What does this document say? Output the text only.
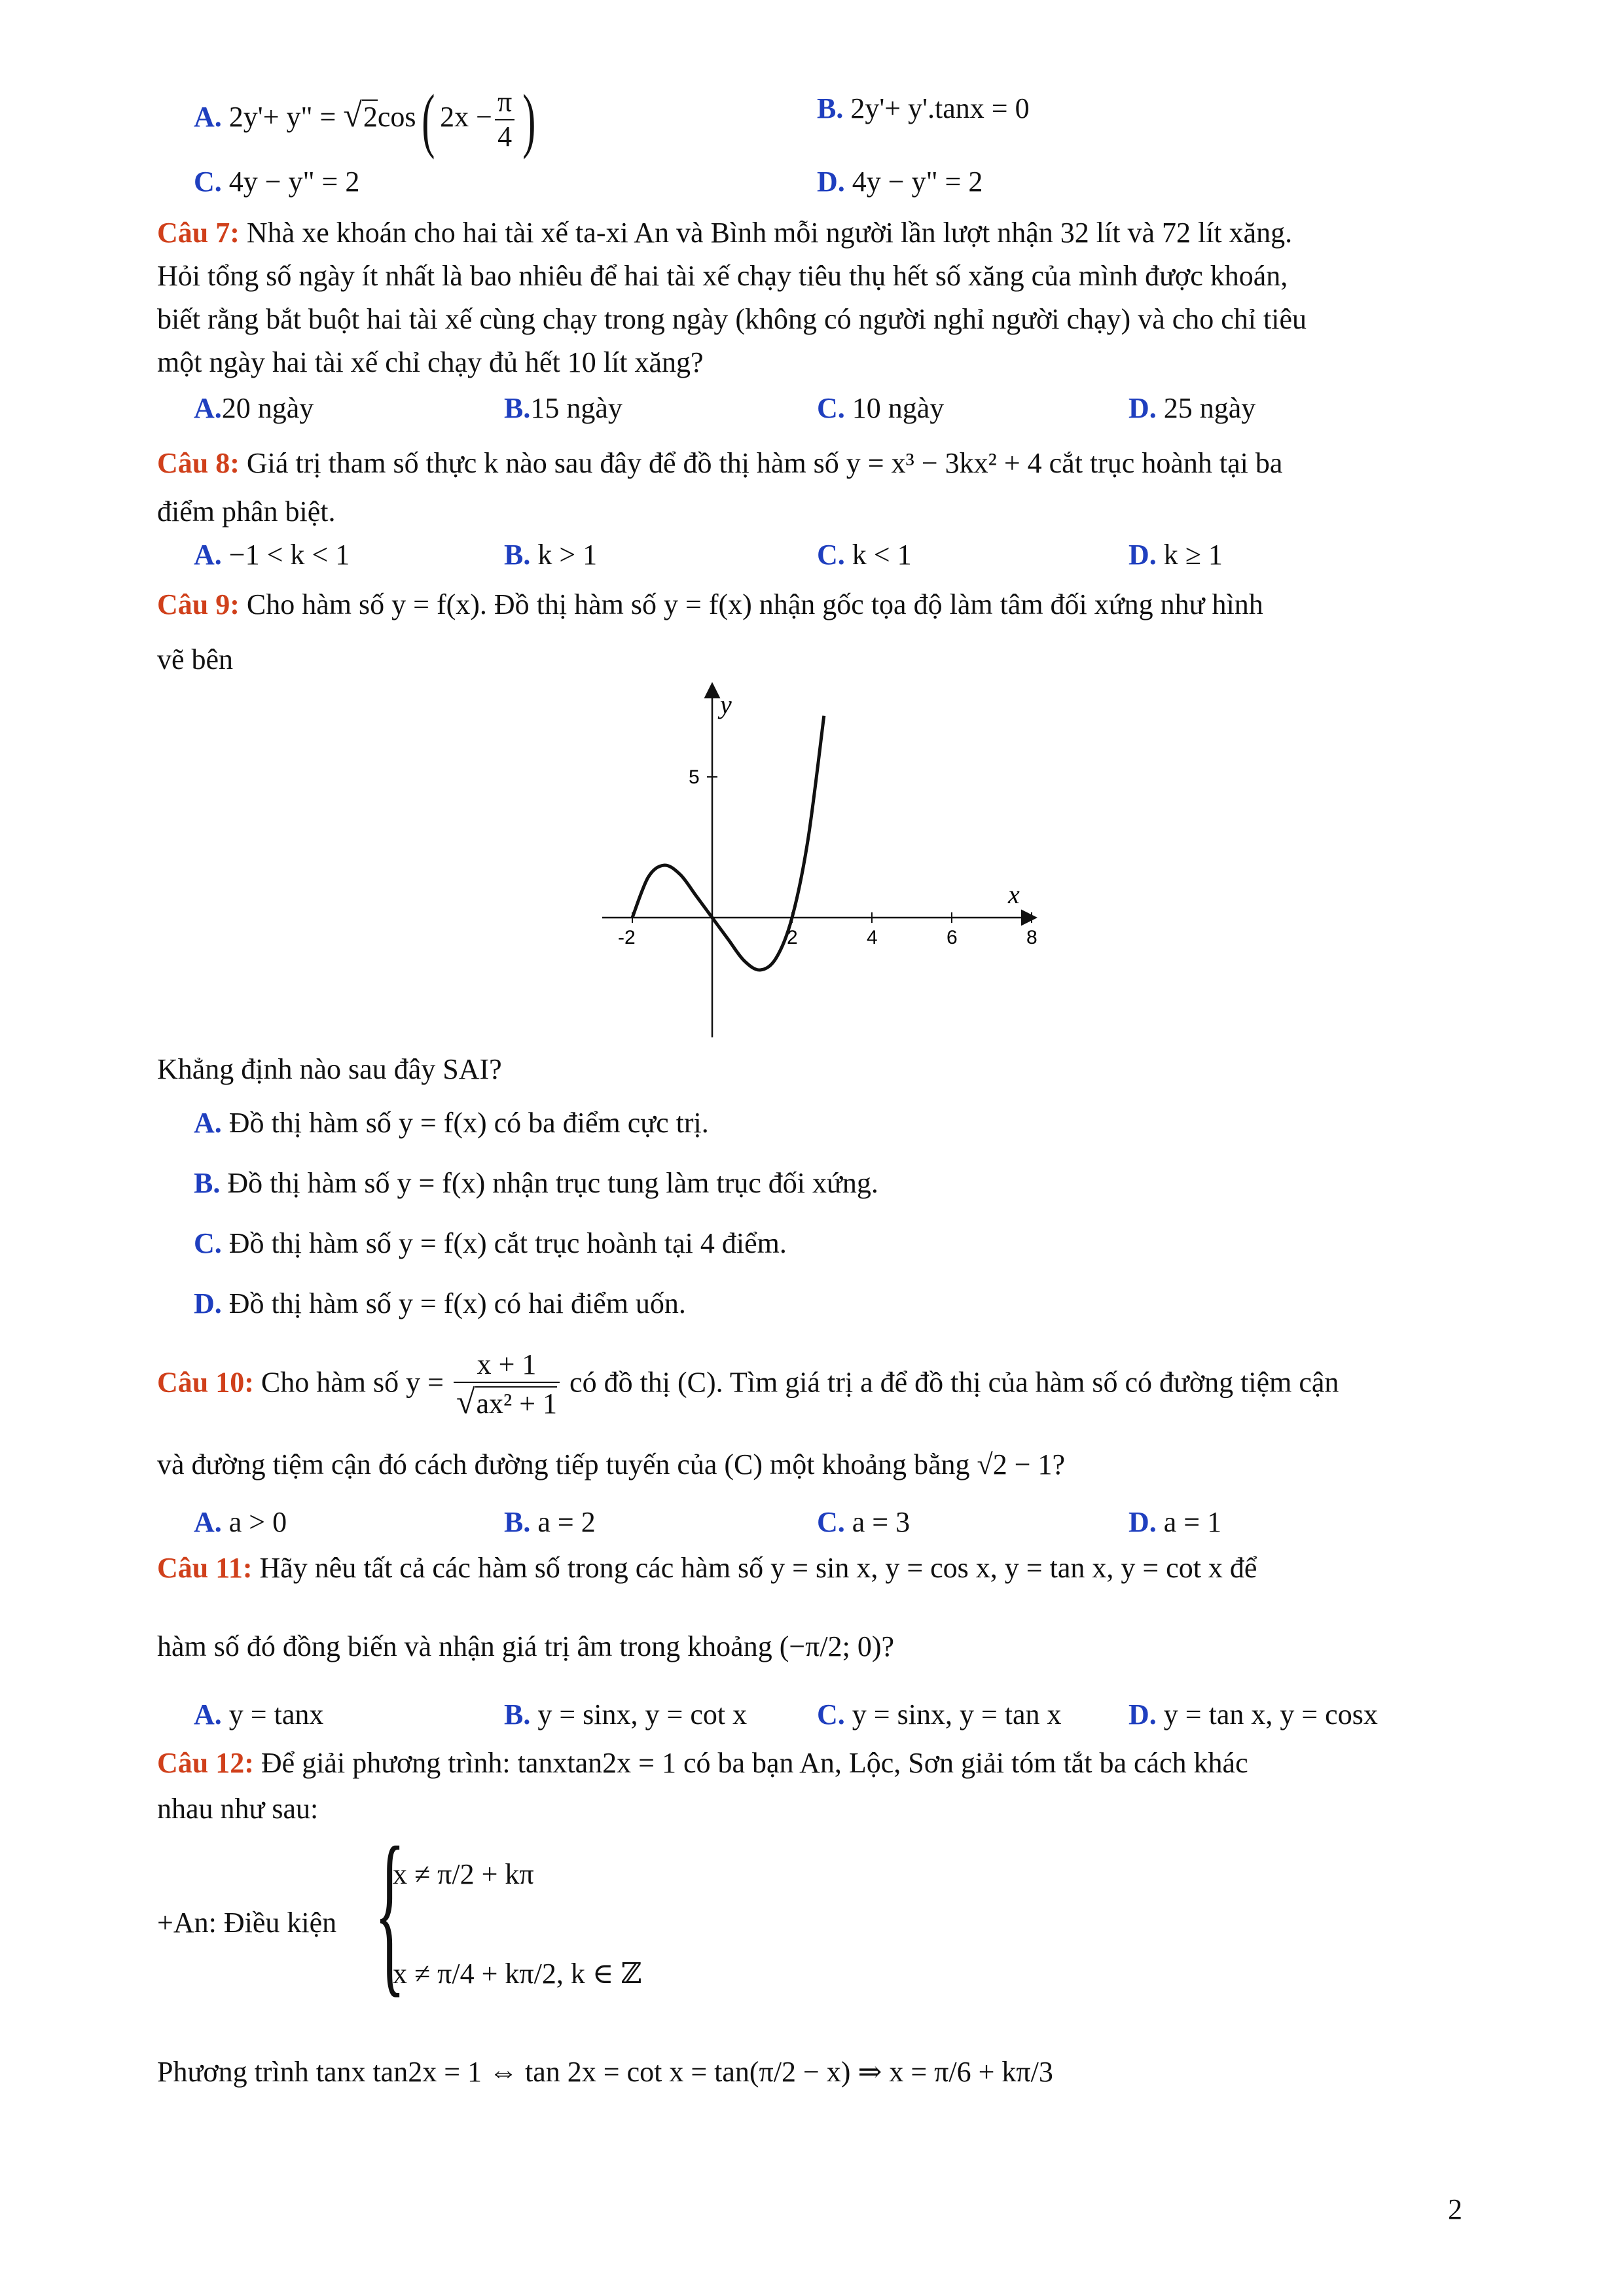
A. 2y'+ y" = √2cos( $2x - \frac{\pi}{4}$ )	B. 2y'+ y'.tanx = 0
C. 4y − y" = 2	D. 4y − y" = 2
Câu 7: Nhà xe khoán cho hai tài xế ta-xi An và Bình mỗi người lần lượt nhận 32 lít và 72 lít xăng.
Hỏi tổng số ngày ít nhất là bao nhiêu để hai tài xế chạy tiêu thụ hết số xăng của mình được khoán,
biết rằng bắt buột hai tài xế cùng chạy trong ngày (không có người nghỉ người chạy) và cho chỉ tiêu
một ngày hai tài xế chỉ chạy đủ hết 10 lít xăng?
A.20 ngày	B.15 ngày	C. 10 ngày	D. 25 ngày
Câu 8: Giá trị tham số thực k nào sau đây để đồ thị hàm số y = x³ − 3kx² + 4 cắt trục hoành tại ba
điểm phân biệt.
A. −1 < k < 1	B. k > 1	C. k < 1	D. k ≥ 1
Câu 9: Cho hàm số y = f(x). Đồ thị hàm số y = f(x) nhận gốc tọa độ làm tâm đối xứng như hình
vẽ bên
x
y
-2	2	4	6	8
5
Khẳng định nào sau đây SAI?
A. Đồ thị hàm số y = f(x) có ba điểm cực trị.
B. Đồ thị hàm số y = f(x) nhận trục tung làm trục đối xứng.
C. Đồ thị hàm số y = f(x) cắt trục hoành tại 4 điểm.
D. Đồ thị hàm số y = f(x) có hai điểm uốn.
Câu 10: Cho hàm số $y = \frac{x + 1}{\text{√ax² + 1}}$ có đồ thị (C). Tìm giá trị a để đồ thị của hàm số có đường tiệm cận
và đường tiệm cận đó cách đường tiếp tuyến của (C) một khoảng bằng √2 − 1?
A. a > 0	B. a = 2	C. a = 3	D. a = 1
Câu 11: Hãy nêu tất cả các hàm số trong các hàm số y = sin x, y = cos x, y = tan x, y = cot x để
hàm số đó đồng biến và nhận giá trị âm trong khoảng (−π/2; 0)?
A. y = tanx	B. y = sinx, y = cot x C. y = sinx, y = tan x D. y = tan x, y = cosx
Câu 12: Để giải phương trình: tanxtan2x = 1 có ba bạn An, Lộc, Sơn giải tóm tắt ba cách khác
nhau như sau:
+An: Điều kiện {
x ≠ π/2 + kπ
x ≠ π/4 + kπ/2, k ∈ ℤ
Phương trình tanx tan2x = 1 ⇔ tan 2x = cot x = tan(π/2 − x) ⇒ x = π/6 + kπ/3
2
